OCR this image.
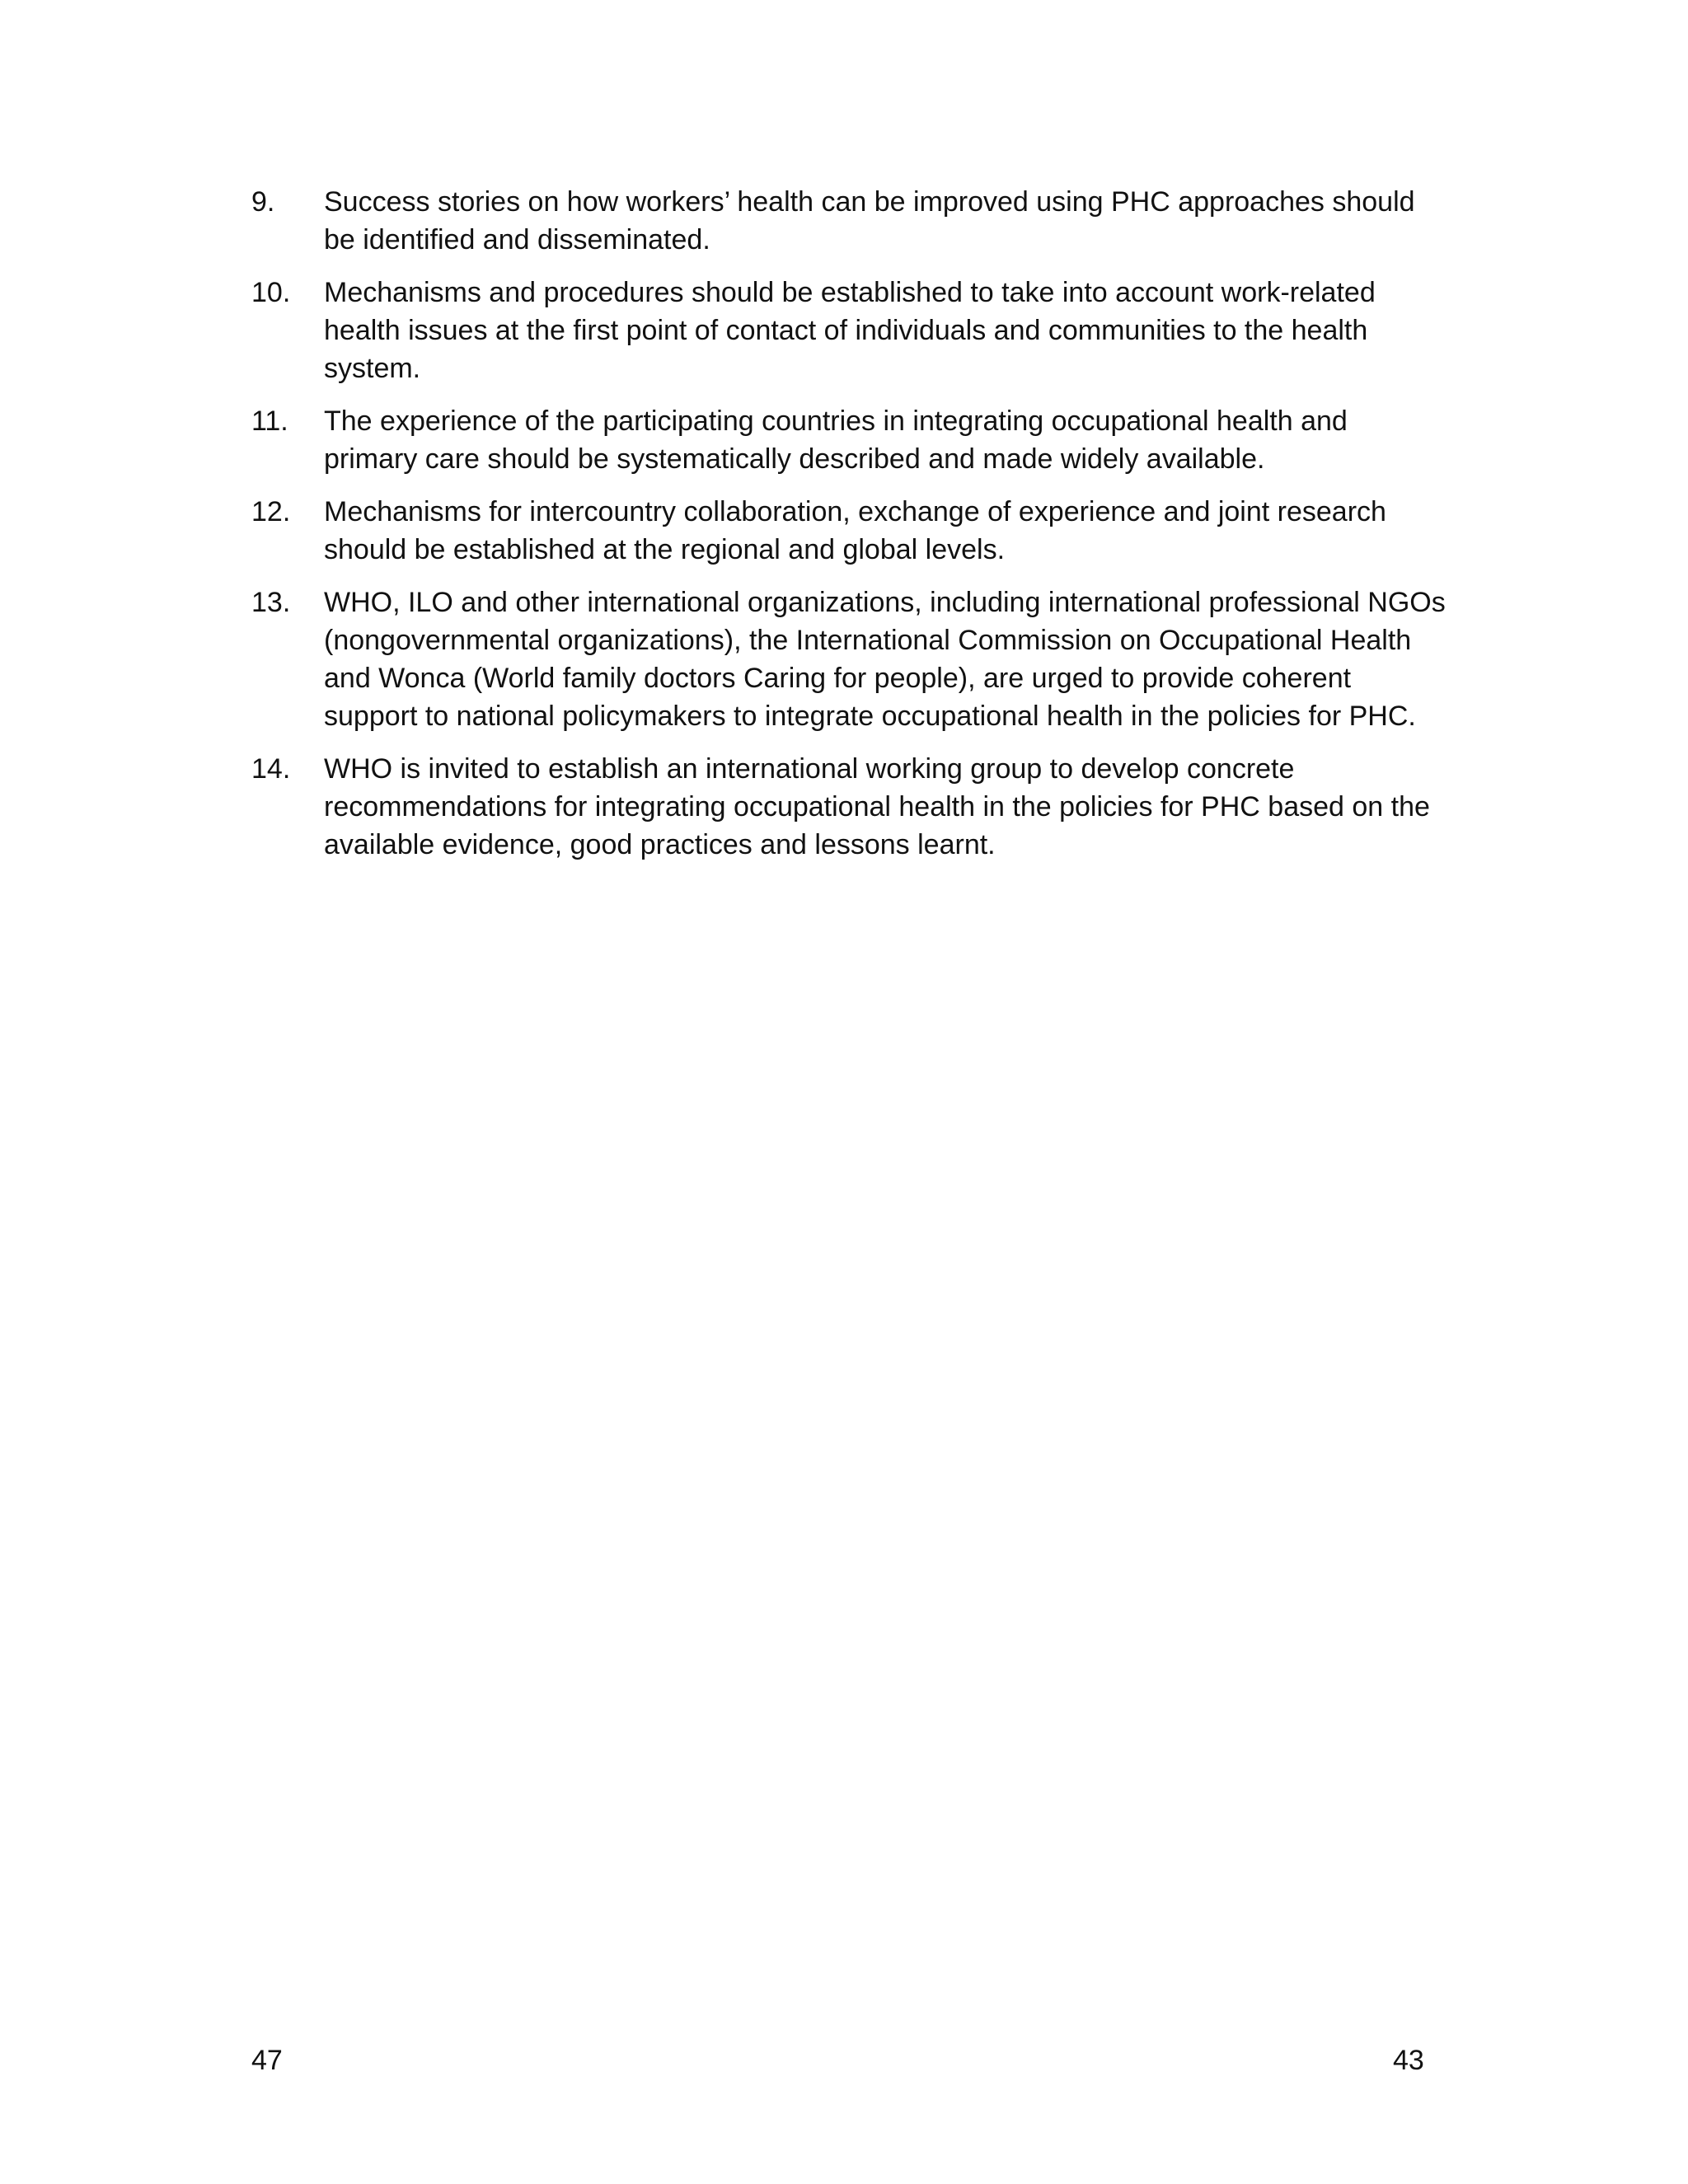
9. Success stories on how workers’ health can be improved using PHC approaches should be identified and disseminated.
10. Mechanisms and procedures should be established to take into account work-related health issues at the first point of contact of individuals and communities to the health system.
11. The experience of the participating countries in integrating occupational health and primary care should be systematically described and made widely available.
12. Mechanisms for intercountry collaboration, exchange of experience and joint research should be established at the regional and global levels.
13. WHO, ILO and other international organizations, including international professional NGOs (nongovernmental organizations), the International Commission on Occupational Health and Wonca (World family doctors Caring for people), are urged to provide coherent support to national policymakers to integrate occupational health in the policies for PHC.
14. WHO is invited to establish an international working group to develop concrete recommendations for integrating occupational health in the policies for PHC based on the available evidence, good practices and lessons learnt.
47	43
